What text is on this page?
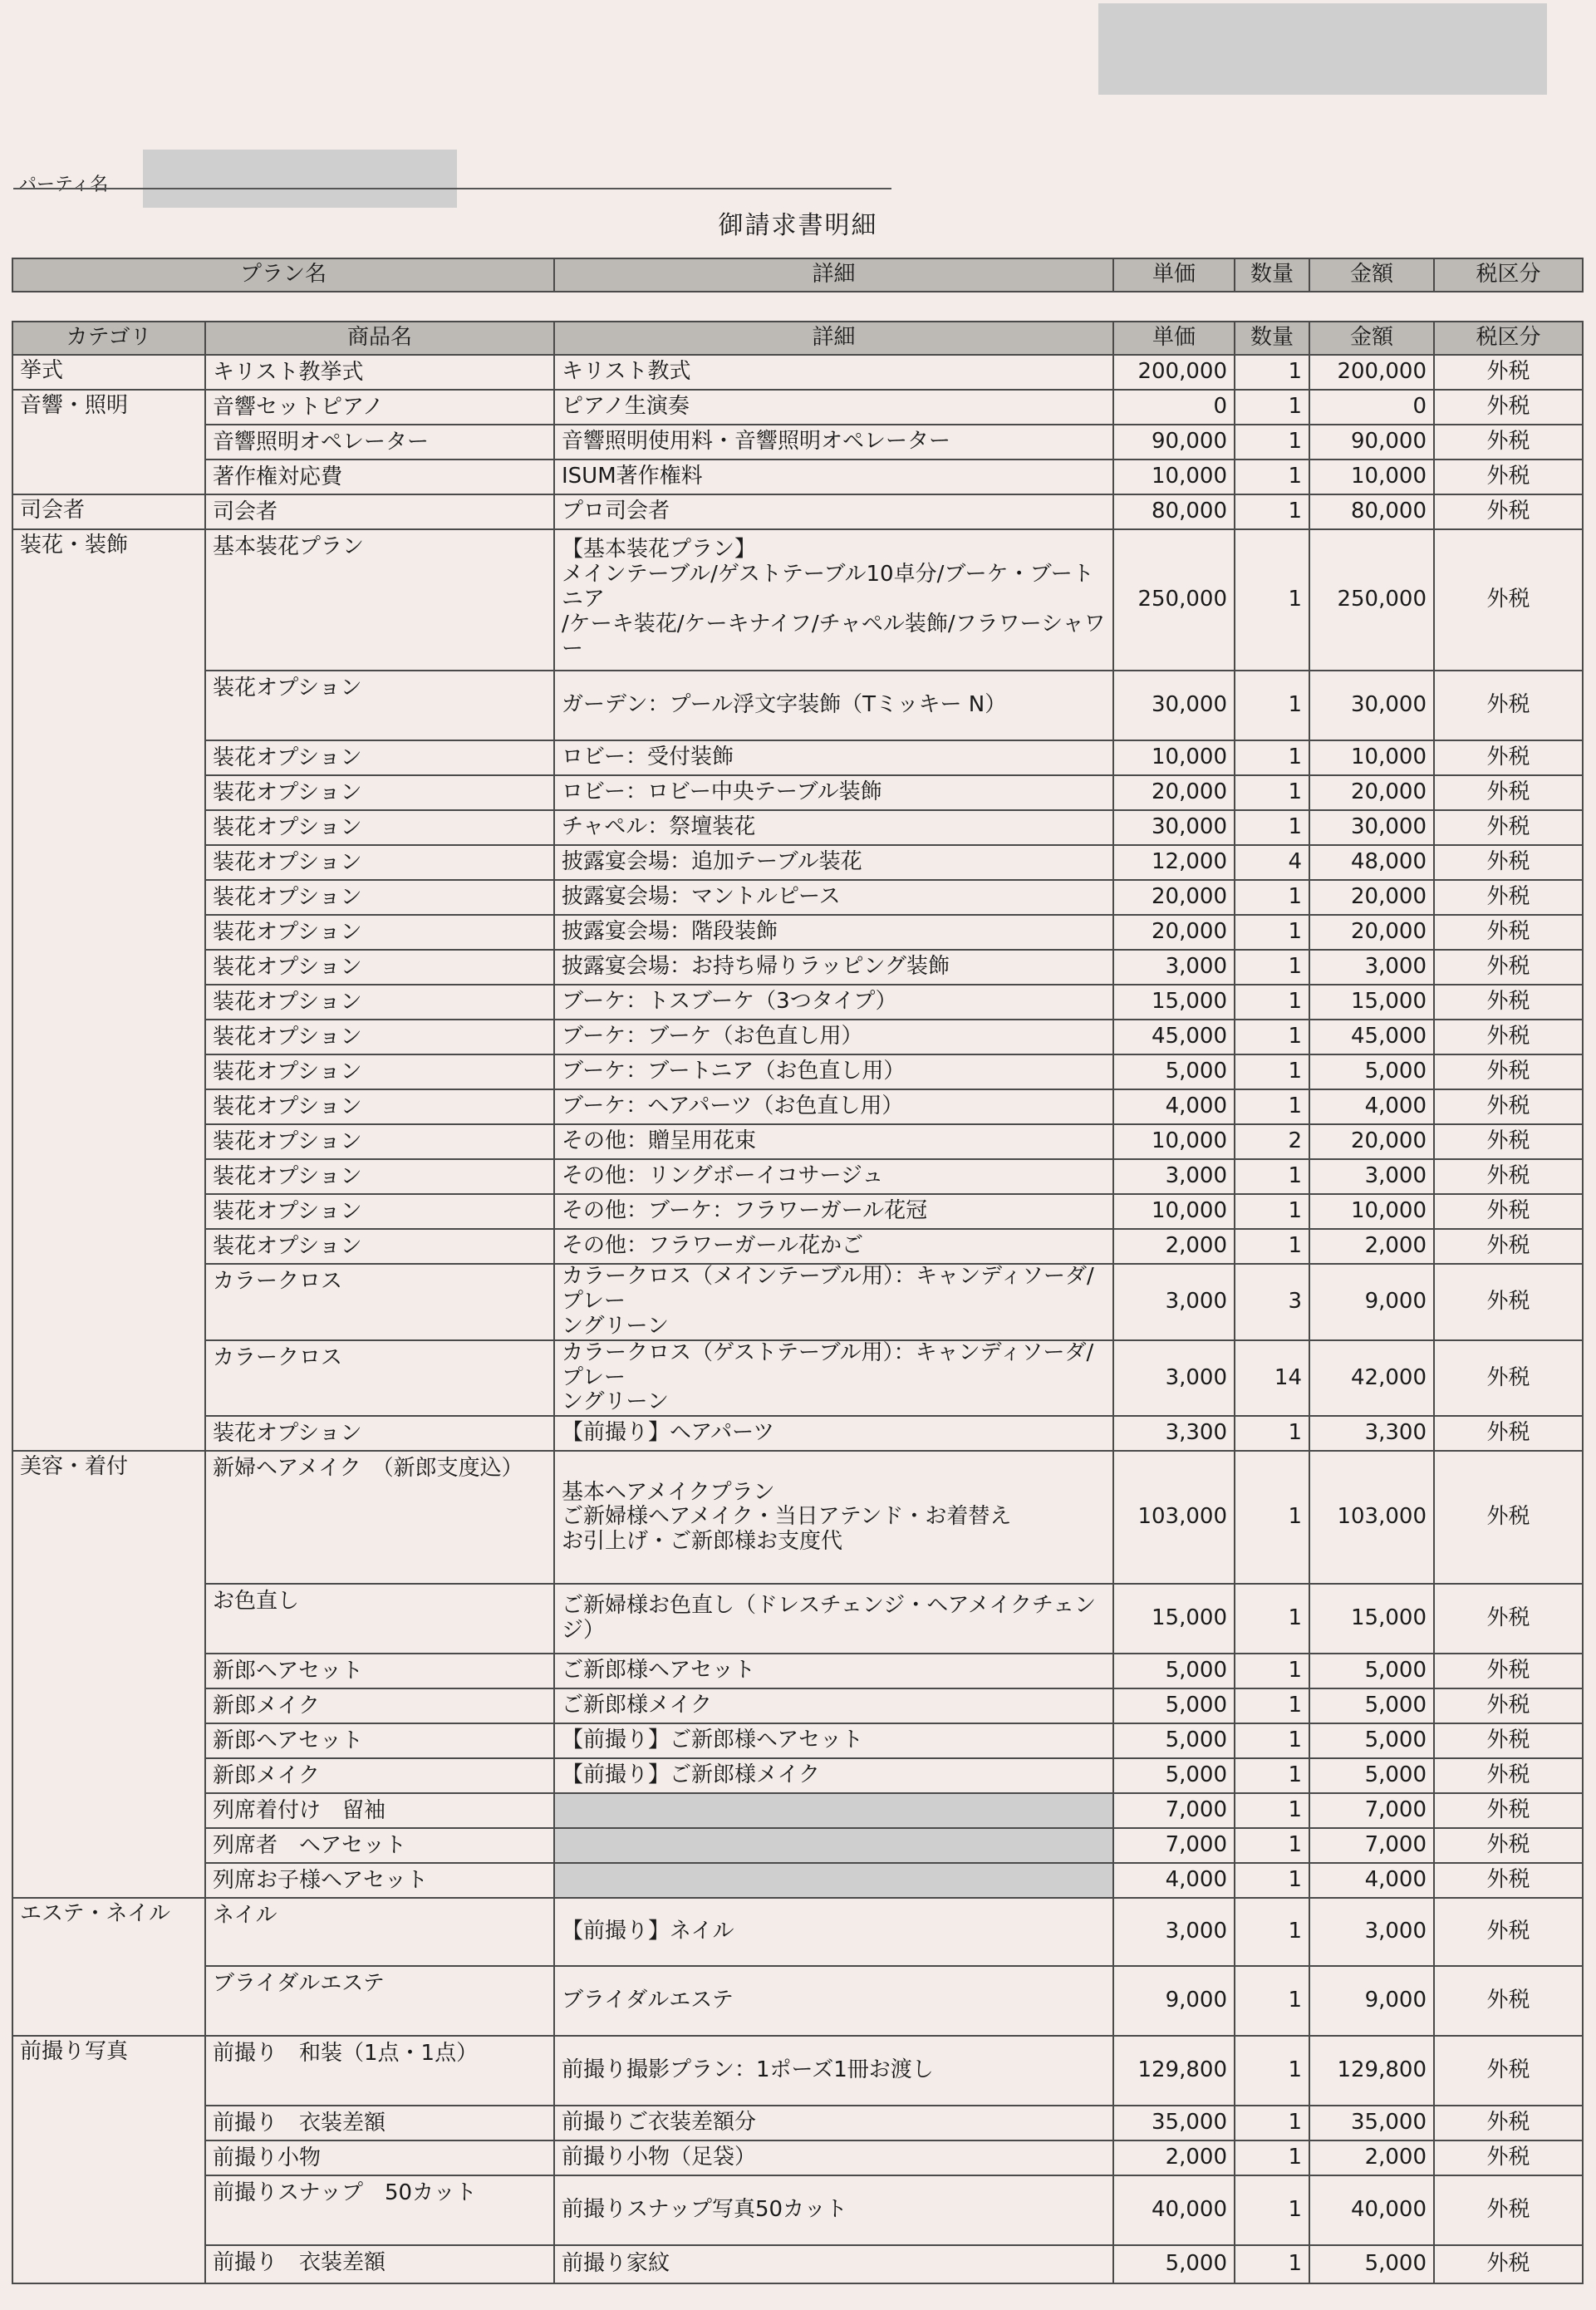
パーティ名
御請求書明細
プラン名	詳細	単価	数量	金額	税区分
カテゴリ	商品名	詳細	単価	数量	金額	税区分
挙式	キリスト教挙式	キリスト教式	200,000	1	200,000	外税
音響・照明	音響セットピアノ	ピアノ生演奏	0	1	0	外税
	音響照明オペレーター	音響照明使用料・音響照明オペレーター	90,000	1	90,000	外税
	著作権対応費	ISUM著作権料	10,000	1	10,000	外税
司会者	司会者	プロ司会者	80,000	1	80,000	外税
装花・装飾	基本装花プラン	【基本装花プラン】
メインテーブル/ゲストテーブル10卓分/ブーケ・ブートニア
/ケーキ装花/ケーキナイフ/チャペル装飾/フラワーシャワー	250,000	1	250,000	外税
	装花オプション	ガーデン：プール浮文字装飾（Tミッキー N）	30,000	1	30,000	外税
	装花オプション	ロビー：受付装飾	10,000	1	10,000	外税
	装花オプション	ロビー：ロビー中央テーブル装飾	20,000	1	20,000	外税
	装花オプション	チャペル：祭壇装花	30,000	1	30,000	外税
	装花オプション	披露宴会場：追加テーブル装花	12,000	4	48,000	外税
	装花オプション	披露宴会場：マントルピース	20,000	1	20,000	外税
	装花オプション	披露宴会場：階段装飾	20,000	1	20,000	外税
	装花オプション	披露宴会場：お持ち帰りラッピング装飾	3,000	1	3,000	外税
	装花オプション	ブーケ：トスブーケ（3つタイプ）	15,000	1	15,000	外税
	装花オプション	ブーケ：ブーケ（お色直し用）	45,000	1	45,000	外税
	装花オプション	ブーケ：ブートニア（お色直し用）	5,000	1	5,000	外税
	装花オプション	ブーケ：ヘアパーツ（お色直し用）	4,000	1	4,000	外税
	装花オプション	その他：贈呈用花束	10,000	2	20,000	外税
	装花オプション	その他：リングボーイコサージュ	3,000	1	3,000	外税
	装花オプション	その他：ブーケ：フラワーガール花冠	10,000	1	10,000	外税
	装花オプション	その他：フラワーガール花かご	2,000	1	2,000	外税
	カラークロス	カラークロス（メインテーブル用）：キャンディソーダ/プレー
ングリーン	3,000	3	9,000	外税
	カラークロス	カラークロス（ゲストテーブル用）：キャンディソーダ/プレー
ングリーン	3,000	14	42,000	外税
	装花オプション	【前撮り】ヘアパーツ	3,300	1	3,300	外税
美容・着付	新婦ヘアメイク　（新郎支度込）	基本ヘアメイクプラン
ご新婦様ヘアメイク・当日アテンド・お着替え
お引上げ・ご新郎様お支度代	103,000	1	103,000	外税
	お色直し	ご新婦様お色直し（ドレスチェンジ・ヘアメイクチェンジ）	15,000	1	15,000	外税
	新郎ヘアセット	ご新郎様ヘアセット	5,000	1	5,000	外税
	新郎メイク	ご新郎様メイク	5,000	1	5,000	外税
	新郎ヘアセット	【前撮り】ご新郎様ヘアセット	5,000	1	5,000	外税
	新郎メイク	【前撮り】ご新郎様メイク	5,000	1	5,000	外税
	列席着付け　留袖		7,000	1	7,000	外税
	列席者　ヘアセット		7,000	1	7,000	外税
	列席お子様ヘアセット		4,000	1	4,000	外税
エステ・ネイル	ネイル	【前撮り】ネイル	3,000	1	3,000	外税
	ブライダルエステ	ブライダルエステ	9,000	1	9,000	外税
前撮り写真	前撮り　和装（1点・1点）	前撮り撮影プラン：1ポーズ1冊お渡し	129,800	1	129,800	外税
	前撮り　衣装差額	前撮りご衣装差額分	35,000	1	35,000	外税
	前撮り小物	前撮り小物（足袋）	2,000	1	2,000	外税
	前撮りスナップ　50カット	前撮りスナップ写真50カット	40,000	1	40,000	外税
	前撮り　衣装差額	前撮り家紋	5,000	1	5,000	外税
